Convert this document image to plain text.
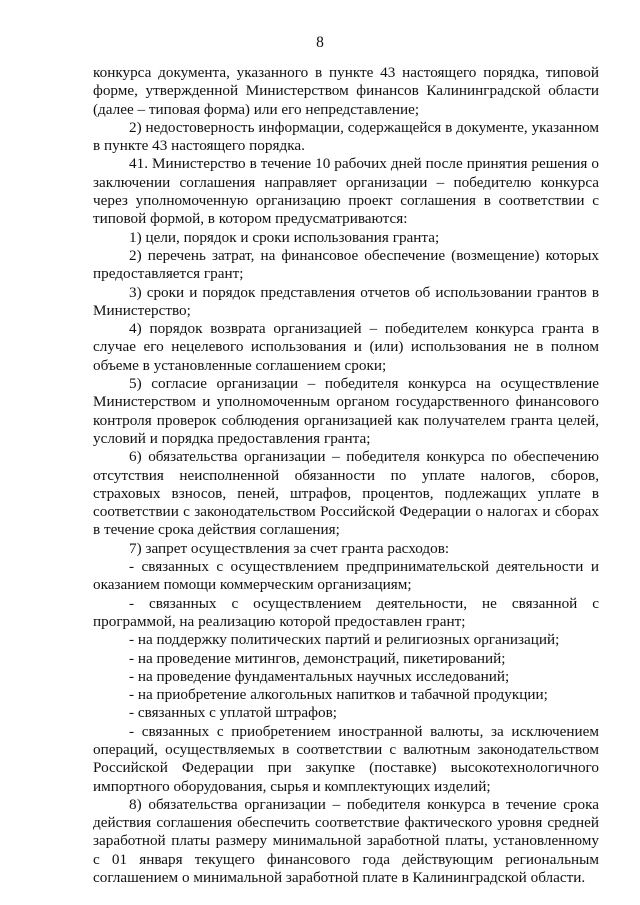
8

конкурса документа, указанного в пункте 43 настоящего порядка, типовой форме, утвержденной Министерством финансов Калининградской области (далее – типовая форма) или его непредставление;

2) недостоверность информации, содержащейся в документе, указанном в пункте 43 настоящего порядка.

41. Министерство в течение 10 рабочих дней после принятия решения о заключении соглашения направляет организации – победителю конкурса через уполномоченную организацию проект соглашения в соответствии с типовой формой, в котором предусматриваются:

1) цели, порядок и сроки использования гранта;

2) перечень затрат, на финансовое обеспечение (возмещение) которых предоставляется грант;

3) сроки и порядок представления отчетов об использовании грантов в Министерство;

4) порядок возврата организацией – победителем конкурса гранта в случае его нецелевого использования и (или) использования не в полном объеме в установленные соглашением сроки;

5) согласие организации – победителя конкурса на осуществление Министерством и уполномоченным органом государственного финансового контроля проверок соблюдения организацией как получателем гранта целей, условий и порядка предоставления гранта;

6) обязательства организации – победителя конкурса по обеспечению отсутствия неисполненной обязанности по уплате налогов, сборов, страховых взносов, пеней, штрафов, процентов, подлежащих уплате в соответствии с законодательством Российской Федерации о налогах и сборах в течение срока действия соглашения;

7) запрет осуществления за счет гранта расходов:

- связанных с осуществлением предпринимательской деятельности и оказанием помощи коммерческим организациям;

- связанных с осуществлением деятельности, не связанной с программой, на реализацию которой предоставлен грант;

- на поддержку политических партий и религиозных организаций;

- на проведение митингов, демонстраций, пикетирований;

- на проведение фундаментальных научных исследований;

- на приобретение алкогольных напитков и табачной продукции;

- связанных с уплатой штрафов;

- связанных с приобретением иностранной валюты, за исключением операций, осуществляемых в соответствии с валютным законодательством Российской Федерации при закупке (поставке) высокотехнологичного импортного оборудования, сырья и комплектующих изделий;

8) обязательства организации – победителя конкурса в течение срока действия соглашения обеспечить соответствие фактического уровня средней заработной платы размеру минимальной заработной платы, установленному с 01 января текущего финансового года действующим региональным соглашением о минимальной заработной плате в Калининградской области.
